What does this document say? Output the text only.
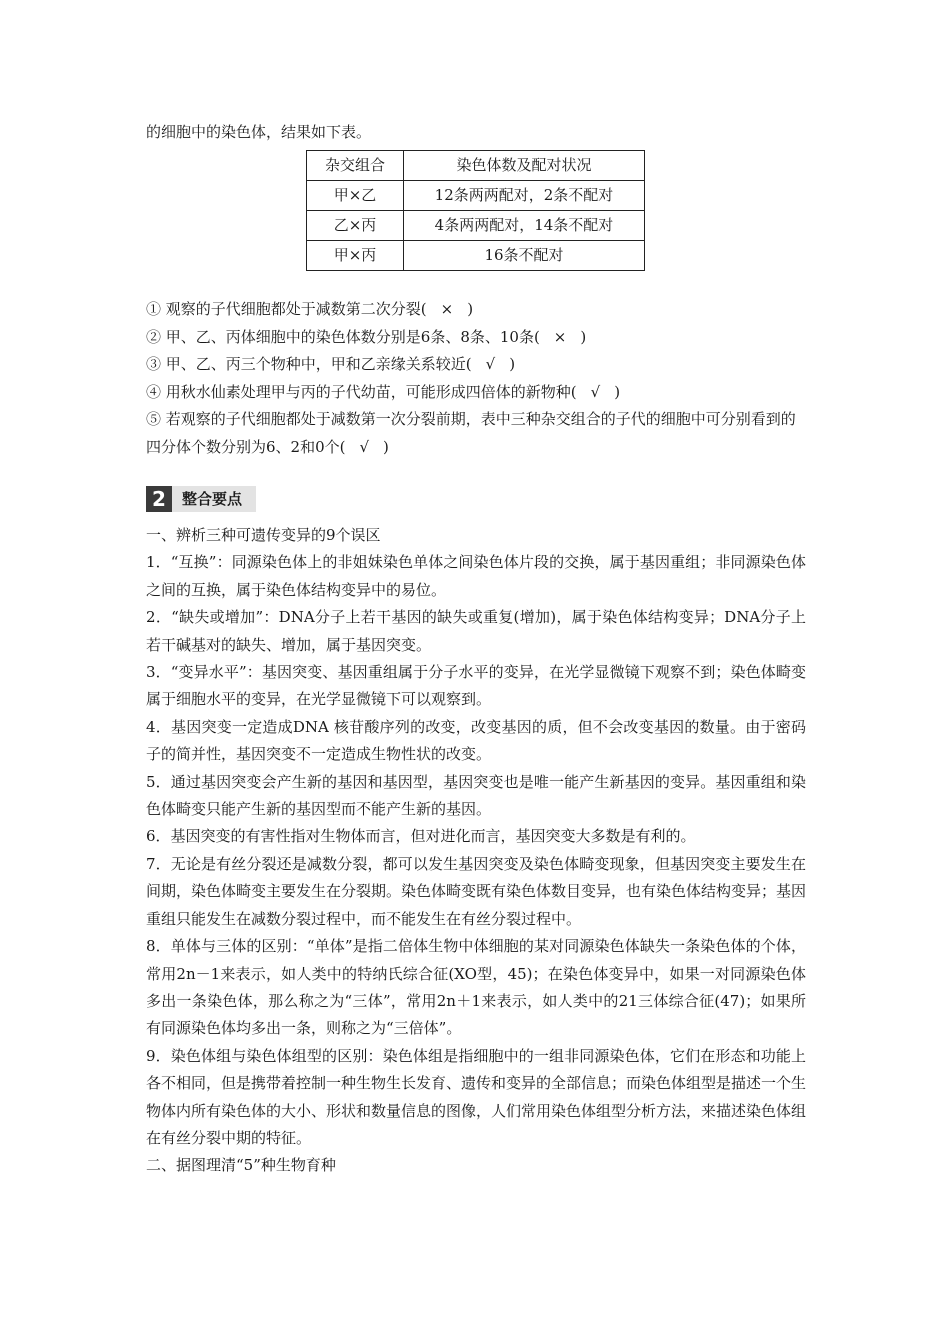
的细胞中的染色体，结果如下表。
杂交组合	染色体数及配对状况
甲×乙	12条两两配对，2条不配对
乙×丙	4条两两配对，14条不配对
甲×丙	16条不配对
① 观察的子代细胞都处于减数第二次分裂( × )
② 甲、乙、丙体细胞中的染色体数分别是6条、8条、10条( × )
③ 甲、乙、丙三个物种中，甲和乙亲缘关系较近( √ )
④ 用秋水仙素处理甲与丙的子代幼苗，可能形成四倍体的新物种( √ )
⑤ 若观察的子代细胞都处于减数第一次分裂前期，表中三种杂交组合的子代的细胞中可分别看到的四分体个数分别为6、2和0个( √ )
2	整合要点

一、辨析三种可遗传变异的9个误区

1．“互换”：同源染色体上的非姐妹染色单体之间染色体片段的交换，属于基因重组；非同源染色体之间的互换，属于染色体结构变异中的易位。

2．“缺失或增加”：DNA分子上若干基因的缺失或重复(增加)，属于染色体结构变异；DNA分子上若干碱基对的缺失、增加，属于基因突变。

3．“变异水平”：基因突变、基因重组属于分子水平的变异，在光学显微镜下观察不到；染色体畸变属于细胞水平的变异，在光学显微镜下可以观察到。

4．基因突变一定造成DNA 核苷酸序列的改变，改变基因的质，但不会改变基因的数量。由于密码子的简并性，基因突变不一定造成生物性状的改变。

5．通过基因突变会产生新的基因和基因型，基因突变也是唯一能产生新基因的变异。基因重组和染色体畸变只能产生新的基因型而不能产生新的基因。

6．基因突变的有害性指对生物体而言，但对进化而言，基因突变大多数是有利的。

7．无论是有丝分裂还是减数分裂，都可以发生基因突变及染色体畸变现象，但基因突变主要发生在间期，染色体畸变主要发生在分裂期。染色体畸变既有染色体数目变异，也有染色体结构变异；基因重组只能发生在减数分裂过程中，而不能发生在有丝分裂过程中。

8．单体与三体的区别：“单体”是指二倍体生物中体细胞的某对同源染色体缺失一条染色体的个体，常用2n－1来表示，如人类中的特纳氏综合征(XO型，45)；在染色体变异中，如果一对同源染色体多出一条染色体，那么称之为“三体”，常用2n＋1来表示，如人类中的21三体综合征(47)；如果所有同源染色体均多出一条，则称之为“三倍体”。

9．染色体组与染色体组型的区别：染色体组是指细胞中的一组非同源染色体，它们在形态和功能上各不相同，但是携带着控制一种生物生长发育、遗传和变异的全部信息；而染色体组型是描述一个生物体内所有染色体的大小、形状和数量信息的图像，人们常用染色体组型分析方法，来描述染色体组在有丝分裂中期的特征。

二、据图理清“5”种生物育种
